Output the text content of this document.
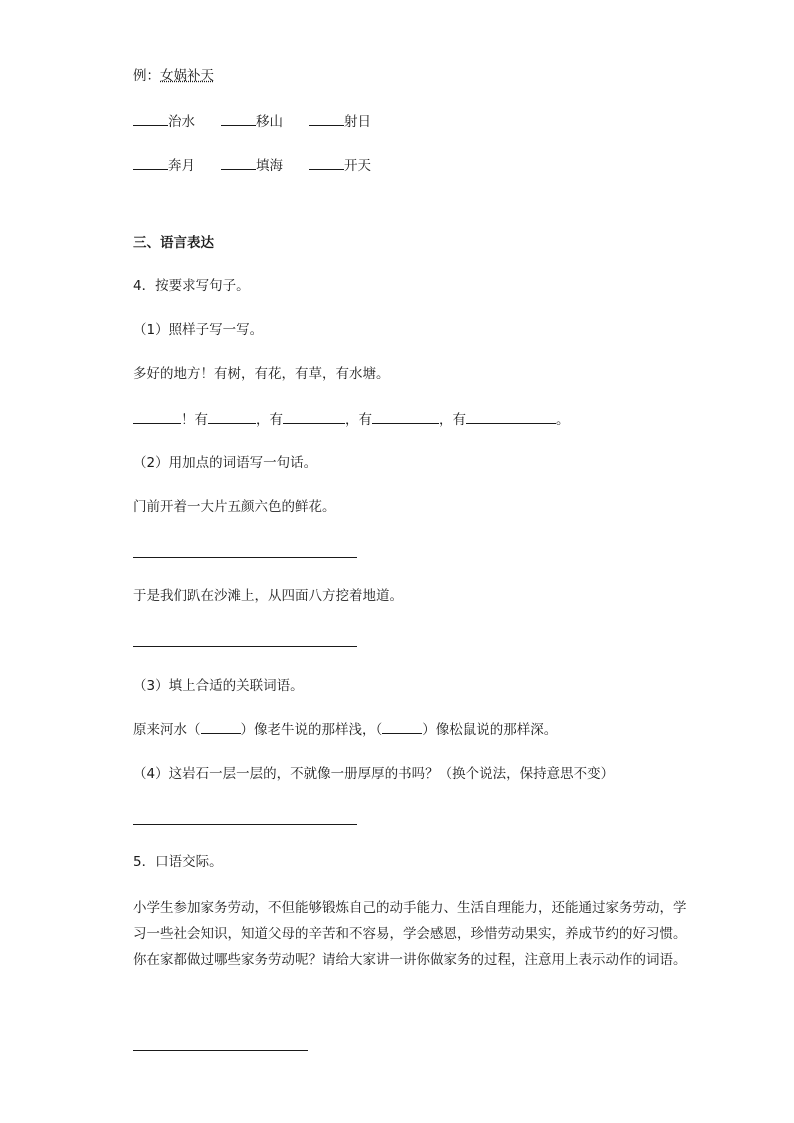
例：女娲补天
治水	移山	射日
奔月	填海	开天
三、语言表达
4．按要求写句子。
（1）照样子写一写。
多好的地方！有树，有花，有草，有水塘。
！有	，有	，有	，有	。
（2）用加点的词语写一句话。
门前开着一大片五颜六色的鲜花。
于是我们趴在沙滩上，从四面八方挖着地道。
（3）填上合适的关联词语。
原来河水（	）像老牛说的那样浅，（	）像松鼠说的那样深。
（4）这岩石一层一层的，不就像一册厚厚的书吗？（换个说法，保持意思不变）
5．口语交际。
小学生参加家务劳动，不但能够锻炼自己的动手能力、生活自理能力，还能通过家务劳动，学习一些社会知识，知道父母的辛苦和不容易，学会感恩，珍惜劳动果实，养成节约的好习惯。你在家都做过哪些家务劳动呢？请给大家讲一讲你做家务的过程，注意用上表示动作的词语。
